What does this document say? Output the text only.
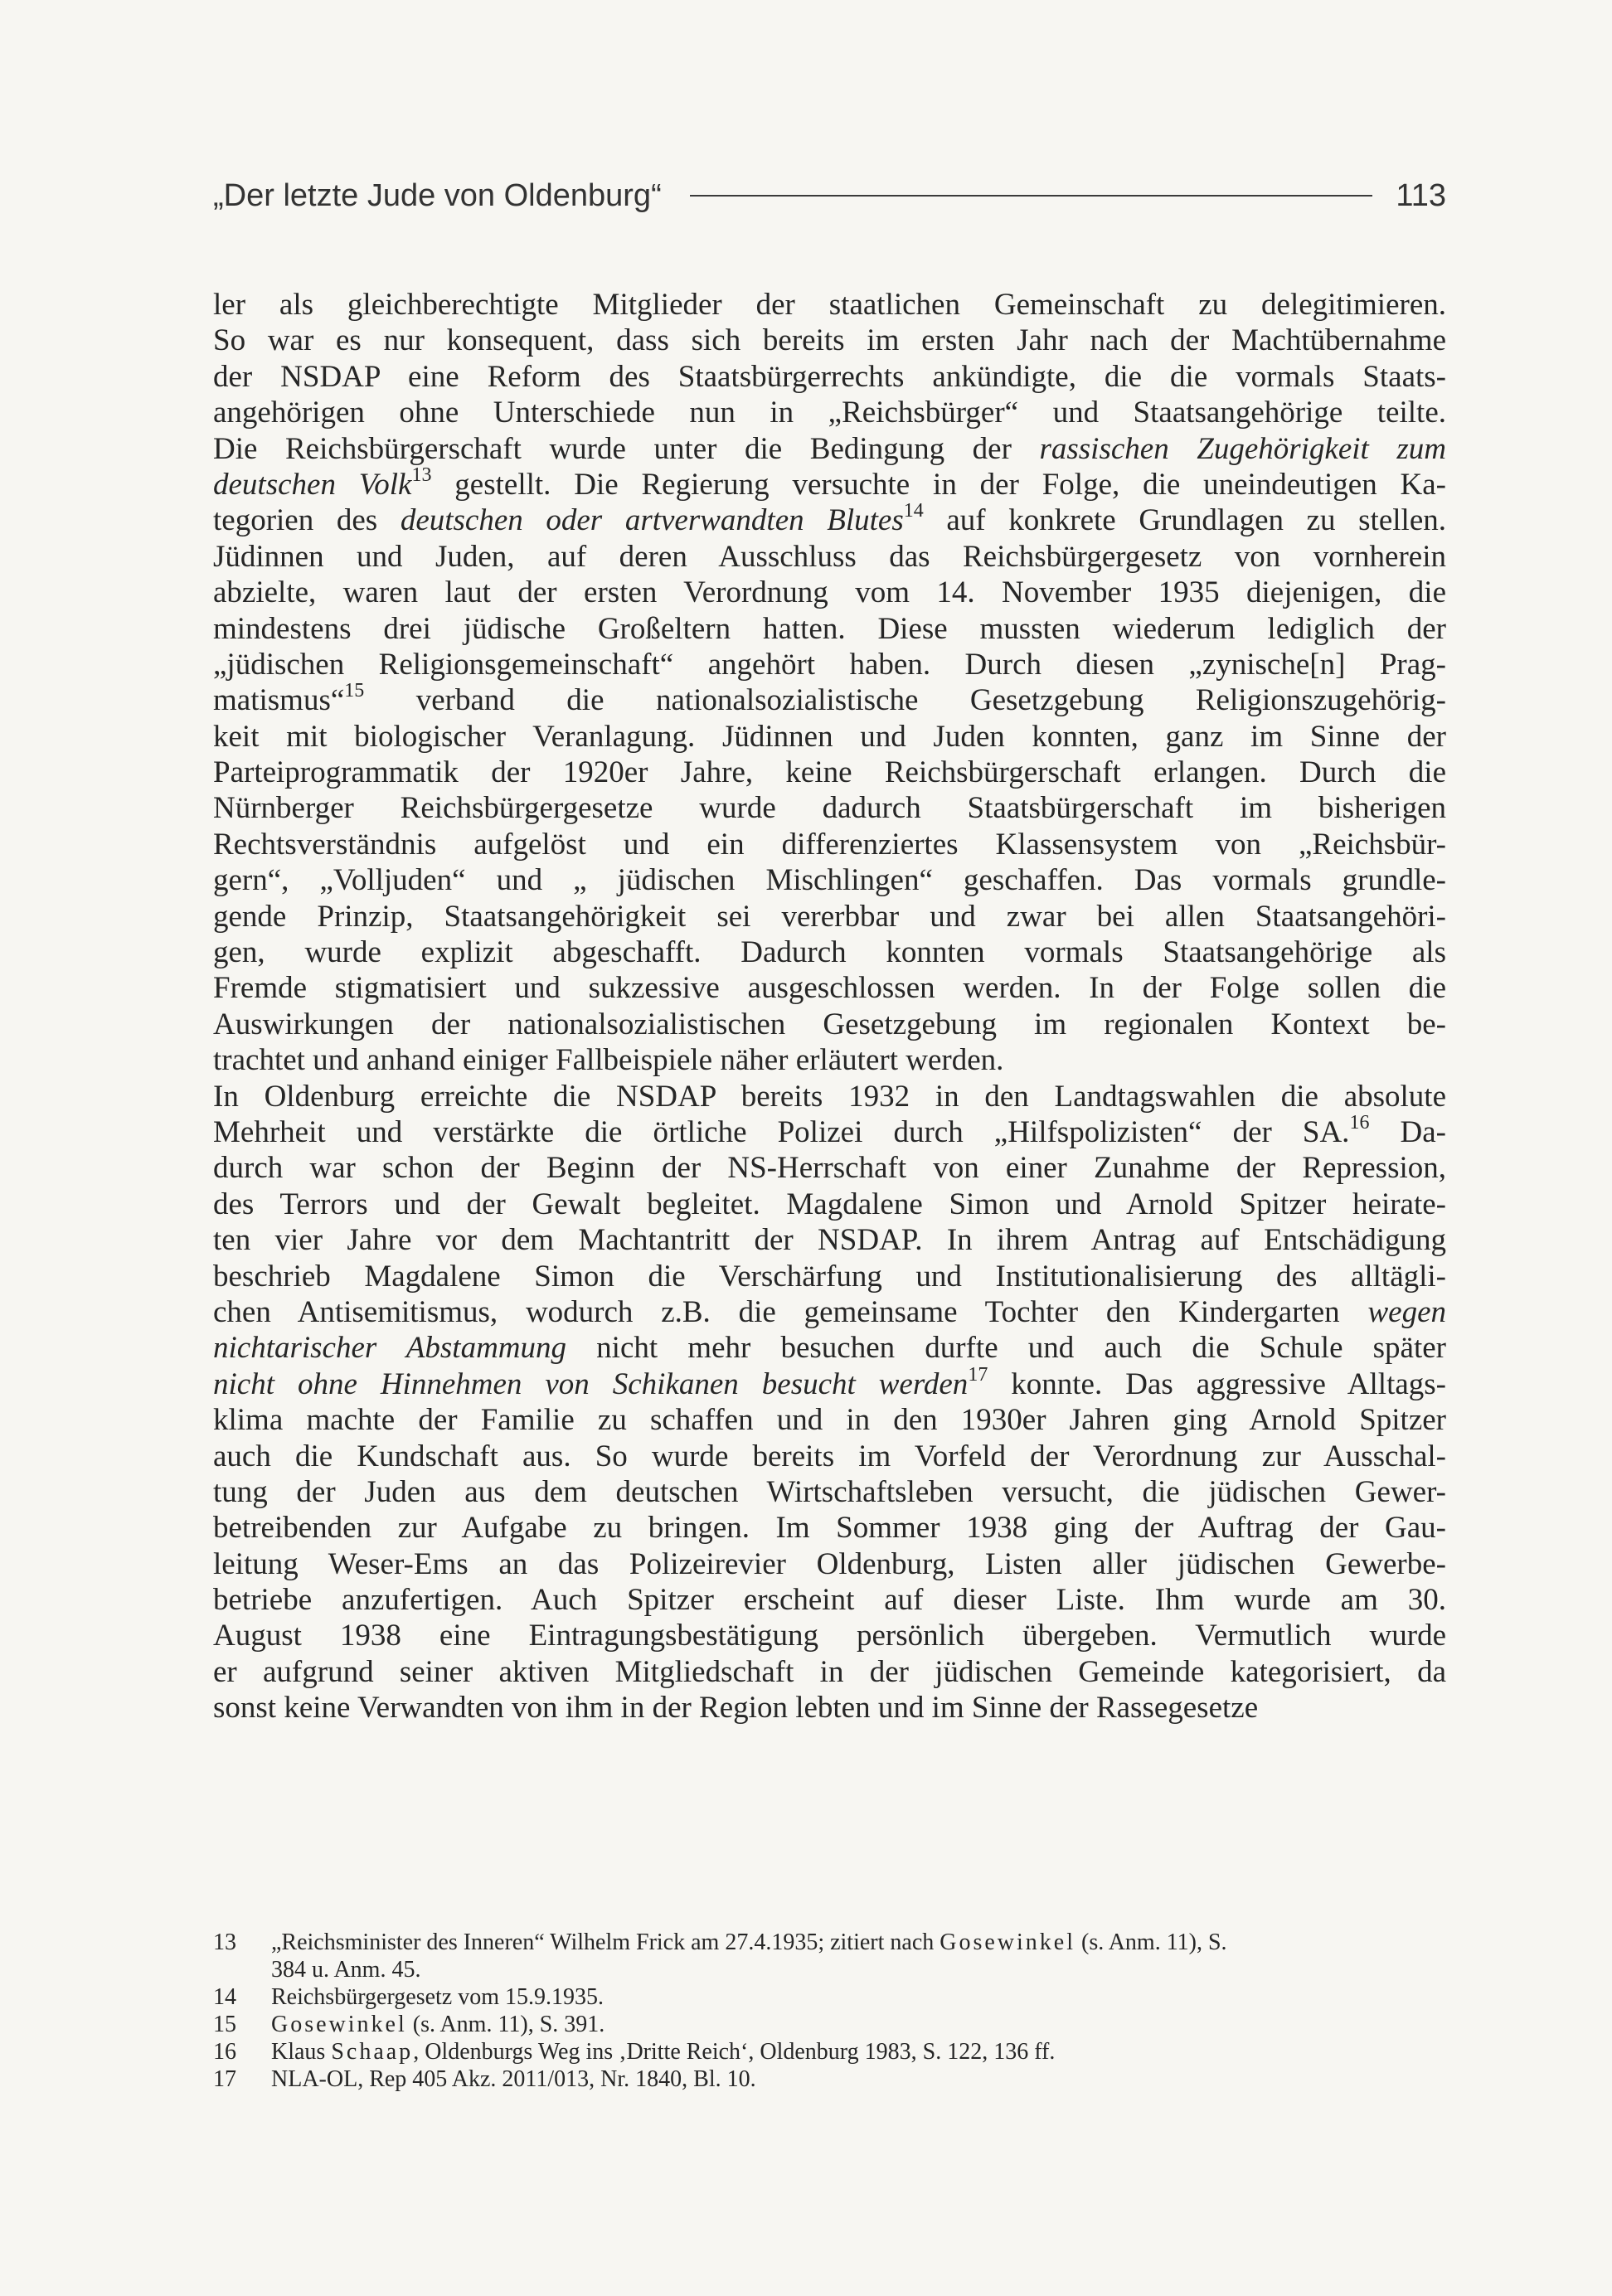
„Der letzte Jude von Oldenburg“	113
ler als gleichberechtigte Mitglieder der staatlichen Gemeinschaft zu delegitimieren.
So war es nur konsequent, dass sich bereits im ersten Jahr nach der Machtübernahme
der NSDAP eine Reform des Staatsbürgerrechts ankündigte, die die vormals Staats-
angehörigen ohne Unterschiede nun in „Reichsbürger“ und Staatsangehörige teilte.
Die Reichsbürgerschaft wurde unter die Bedingung der rassischen Zugehörigkeit zum
deutschen Volk$^{13}$ gestellt. Die Regierung versuchte in der Folge, die uneindeutigen Ka-
tegorien des deutschen oder artverwandten Blutes$^{14}$ auf konkrete Grundlagen zu stellen.
Jüdinnen und Juden, auf deren Ausschluss das Reichsbürgergesetz von vornherein
abzielte, waren laut der ersten Verordnung vom 14. November 1935 diejenigen, die
mindestens drei jüdische Großeltern hatten. Diese mussten wiederum lediglich der
„jüdischen Religionsgemeinschaft“ angehört haben. Durch diesen „zynische[n] Prag-
matismus“$^{15}$ verband die nationalsozialistische Gesetzgebung Religionszugehörig-
keit mit biologischer Veranlagung. Jüdinnen und Juden konnten, ganz im Sinne der
Parteiprogrammatik der 1920er Jahre, keine Reichsbürgerschaft erlangen. Durch die
Nürnberger Reichsbürgergesetze wurde dadurch Staatsbürgerschaft im bisherigen
Rechtsverständnis aufgelöst und ein differenziertes Klassensystem von „Reichsbür-
gern“, „Volljuden“ und „ jüdischen Mischlingen“ geschaffen. Das vormals grundle-
gende Prinzip, Staatsangehörigkeit sei vererbbar und zwar bei allen Staatsangehöri-
gen, wurde explizit abgeschafft. Dadurch konnten vormals Staatsangehörige als
Fremde stigmatisiert und sukzessive ausgeschlossen werden. In der Folge sollen die
Auswirkungen der nationalsozialistischen Gesetzgebung im regionalen Kontext be-
trachtet und anhand einiger Fallbeispiele näher erläutert werden.
In Oldenburg erreichte die NSDAP bereits 1932 in den Landtagswahlen die absolute
Mehrheit und verstärkte die örtliche Polizei durch „Hilfspolizisten“ der SA.$^{16}$ Da-
durch war schon der Beginn der NS-Herrschaft von einer Zunahme der Repression,
des Terrors und der Gewalt begleitet. Magdalene Simon und Arnold Spitzer heirate-
ten vier Jahre vor dem Machtantritt der NSDAP. In ihrem Antrag auf Entschädigung
beschrieb Magdalene Simon die Verschärfung und Institutionalisierung des alltägli-
chen Antisemitismus, wodurch z.B. die gemeinsame Tochter den Kindergarten wegen
nichtarischer Abstammung nicht mehr besuchen durfte und auch die Schule später
nicht ohne Hinnehmen von Schikanen besucht werden$^{17}$ konnte. Das aggressive Alltags-
klima machte der Familie zu schaffen und in den 1930er Jahren ging Arnold Spitzer
auch die Kundschaft aus. So wurde bereits im Vorfeld der Verordnung zur Ausschal-
tung der Juden aus dem deutschen Wirtschaftsleben versucht, die jüdischen Gewer-
betreibenden zur Aufgabe zu bringen. Im Sommer 1938 ging der Auftrag der Gau-
leitung Weser-Ems an das Polizeirevier Oldenburg, Listen aller jüdischen Gewerbe-
betriebe anzufertigen. Auch Spitzer erscheint auf dieser Liste. Ihm wurde am 30.
August 1938 eine Eintragungsbestätigung persönlich übergeben. Vermutlich wurde
er aufgrund seiner aktiven Mitgliedschaft in der jüdischen Gemeinde kategorisiert, da
sonst keine Verwandten von ihm in der Region lebten und im Sinne der Rassegesetze
13	„Reichsminister des Inneren“ Wilhelm Frick am 27.4.1935; zitiert nach Gosewinkel (s. Anm. 11), S.
384 u. Anm. 45.
14	Reichsbürgergesetz vom 15.9.1935.
15	Gosewinkel (s. Anm. 11), S. 391.
16	Klaus Schaap, Oldenburgs Weg ins ‚Dritte Reich‘, Oldenburg 1983, S. 122, 136 ff.
17	NLA-OL, Rep 405 Akz. 2011/013, Nr. 1840, Bl. 10.
